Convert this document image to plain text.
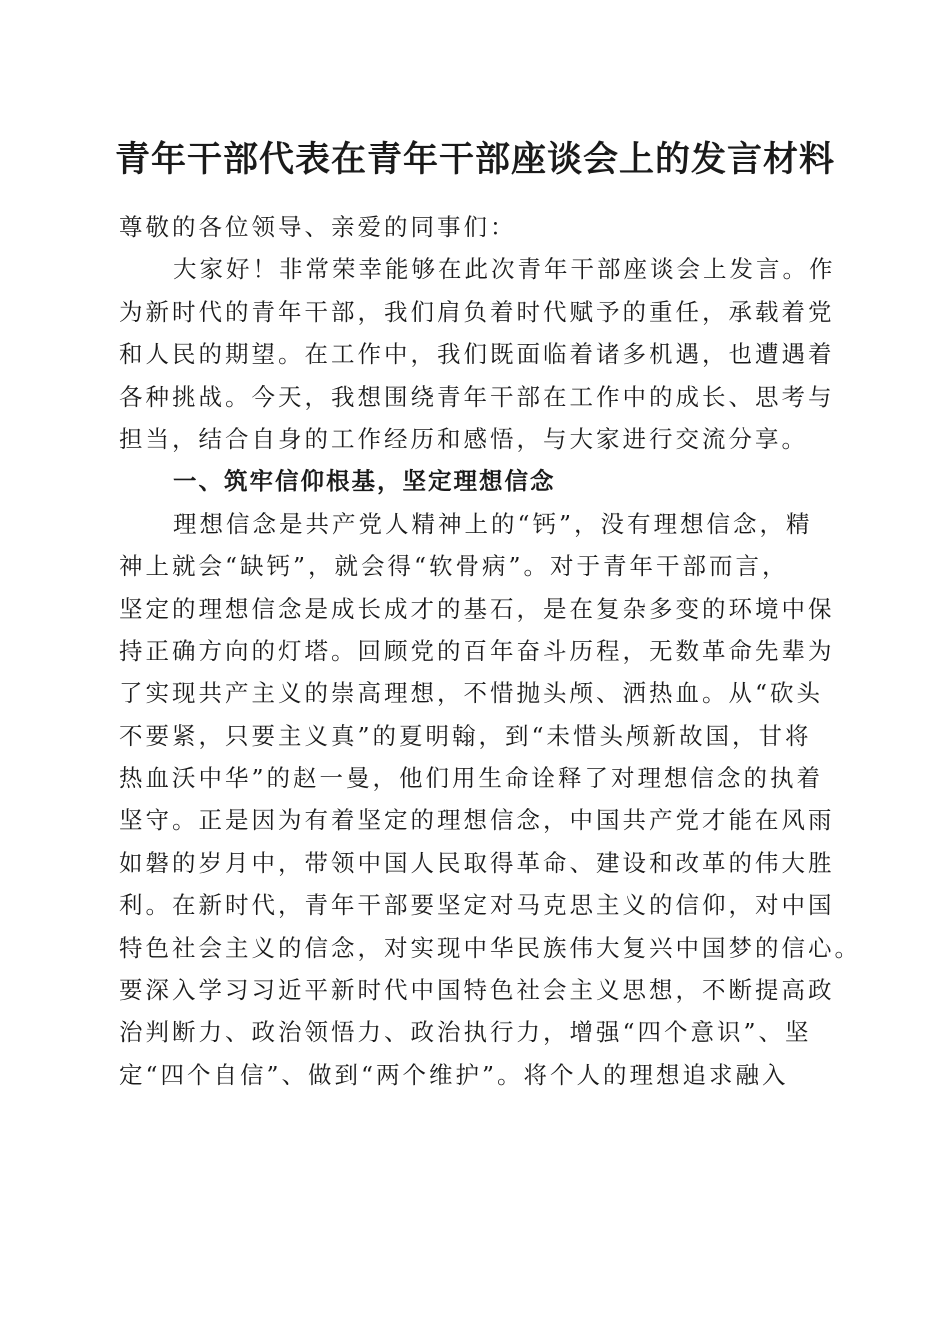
青年干部代表在青年干部座谈会上的发言材料
尊敬的各位领导、亲爱的同事们：
大家好！非常荣幸能够在此次青年干部座谈会上发言。作
为新时代的青年干部，我们肩负着时代赋予的重任，承载着党
和人民的期望。在工作中，我们既面临着诸多机遇，也遭遇着
各种挑战。今天，我想围绕青年干部在工作中的成长、思考与
担当，结合自身的工作经历和感悟，与大家进行交流分享。
一、筑牢信仰根基，坚定理想信念
理想信念是共产党人精神上的“钙”，没有理想信念，精
神上就会“缺钙”，就会得“软骨病”。对于青年干部而言，
坚定的理想信念是成长成才的基石，是在复杂多变的环境中保
持正确方向的灯塔。回顾党的百年奋斗历程，无数革命先辈为
了实现共产主义的崇高理想，不惜抛头颅、洒热血。从“砍头
不要紧，只要主义真”的夏明翰，到“未惜头颅新故国，甘将
热血沃中华”的赵一曼，他们用生命诠释了对理想信念的执着
坚守。正是因为有着坚定的理想信念，中国共产党才能在风雨
如磐的岁月中，带领中国人民取得革命、建设和改革的伟大胜
利。在新时代，青年干部要坚定对马克思主义的信仰，对中国
特色社会主义的信念，对实现中华民族伟大复兴中国梦的信心。
要深入学习习近平新时代中国特色社会主义思想，不断提高政
治判断力、政治领悟力、政治执行力，增强“四个意识”、坚
定“四个自信”、做到“两个维护”。将个人的理想追求融入
